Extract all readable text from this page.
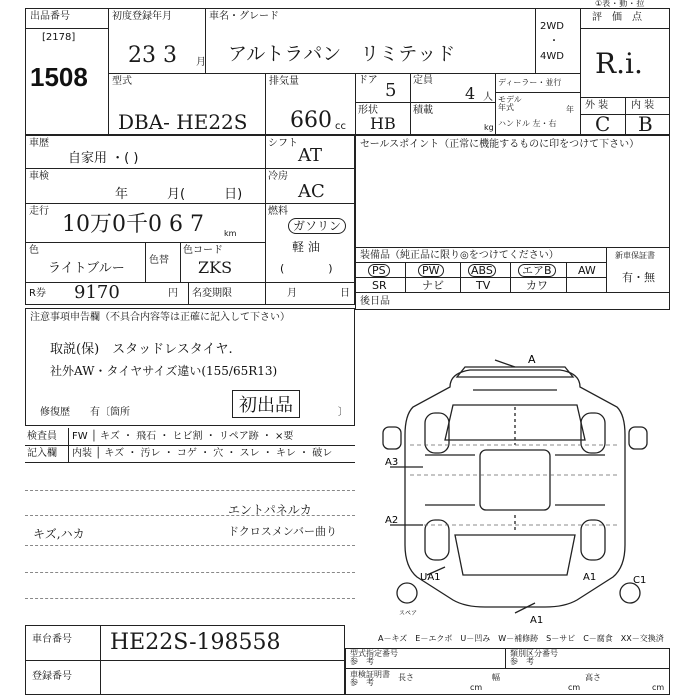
①表 ･ 動 ･ 拉
出品番号
[2178]
1508
初度登録年月
23 3 月
車名・グレード
アルトラパン　リミテッド
2WD
・
4WD
評　価　点
R.i.
外 装 内 装
C B
型式
DBA- HE22S
排気量
660 cc
ドア 5
形状
HB
定員
4 人
積載
kg
ディーラー・並行
モデル
年式	年
ハンドル 左・右
車歴
自家用 ・( )
シフト
AT
車検
年　　　月(　　　日)
冷房
AC
走行
10万0千0 6 7	km
燃料
ガソリン
軽 油
(　　　　)
色
ライトブルー
色替
色コード
ZKS
R券 9170	円 名変期限	月	日
セールスポイント（正常に機能するものに印をつけて下さい）
装備品（純正品に限り◎をつけてください）	新車保証書
有・無
PS	PW	ABS	エアB	AW
SR	ナビ	TV	カワ
後日品
注意事項申告欄（不具合内容等は正確に記入して下さい）
取説(保)　スタッドレスタイヤ.
社外AW・タイヤサイズ違い(155/65R13)
初出品
修復歴　　有〔箇所	〕
検査員 FW │ キズ ・ 飛石 ・ ヒビ割 ・ リペア跡 ・ ×要
記入欄 内装 │ キズ ・ 汚レ ・ コゲ ・ 穴 ・ スレ ・ キレ ・ 破レ
エントパネルカ
キズ,ハカ	ドクロスメンバー曲り
A
A3
A2
UA1	A1	C1
A1
スペア
A－キズ　E－エクボ　U－凹み　W－補修跡　S－サビ　C－腐食　XX－交換済
車台番号 HE22S-198558
登録番号
型式指定番号
参　考
類別区分番号
参　考
車検証明書
参　考
長さ
cm
幅
cm
高さ
cm
